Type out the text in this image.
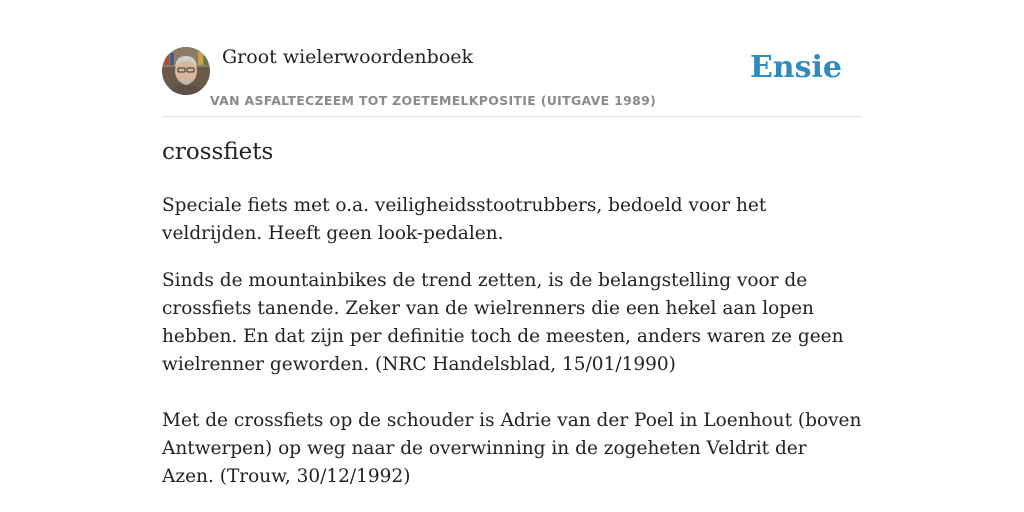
Groot wielerwoordenboek
VAN ASFALTECZEEM TOT ZOETEMELKPOSITIE (UITGAVE 1989)
Ensie
crossfiets

Speciale fiets met o.a. veiligheidsstootrubbers, bedoeld voor het veldrijden. Heeft geen look-pedalen.

Sinds de mountainbikes de trend zetten, is de belangstelling voor de crossfiets tanende. Zeker van de wielrenners die een hekel aan lopen hebben. En dat zijn per definitie toch de meesten, anders waren ze geen wielrenner geworden. (NRC Handelsblad, 15/01/1990)

Met de crossfiets op de schouder is Adrie van der Poel in Loenhout (boven Antwerpen) op weg naar de overwinning in de zogeheten Veldrit der Azen. (Trouw, 30/12/1992)
